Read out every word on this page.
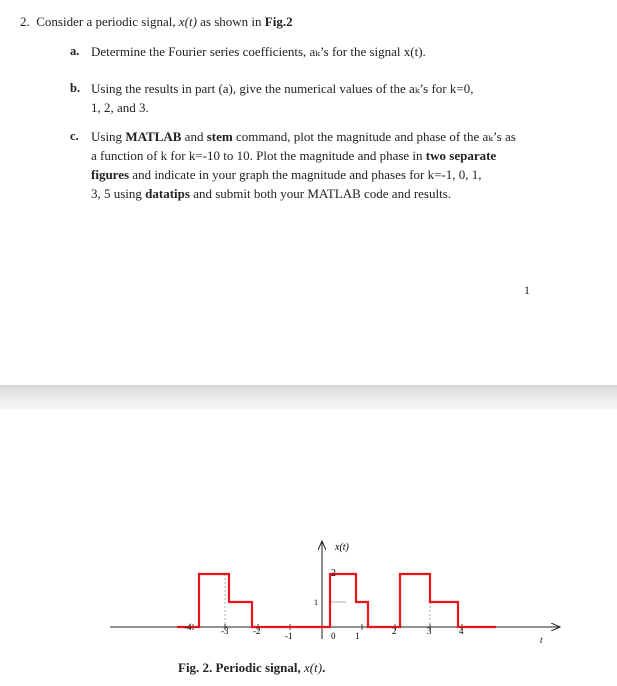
2. Consider a periodic signal, x(t) as shown in Fig.2
a. Determine the Fourier series coefficients, aₖ’s for the signal x(t).
b. Using the results in part (a), give the numerical values of the aₖ’s for k=0,
1, 2, and 3.
c. Using MATLAB and stem command, plot the magnitude and phase of the aₖ’s as
a function of k for k=-10 to 10. Plot the magnitude and phase in two separate
figures and indicate in your graph the magnitude and phases for k=-1, 0, 1,
3, 5 using datatips and submit both your MATLAB code and results.
1
x(t)
2
1
t
-4	-3	-2	-1	0 1	2	3	4
Fig. 2. Periodic signal, x(t).
